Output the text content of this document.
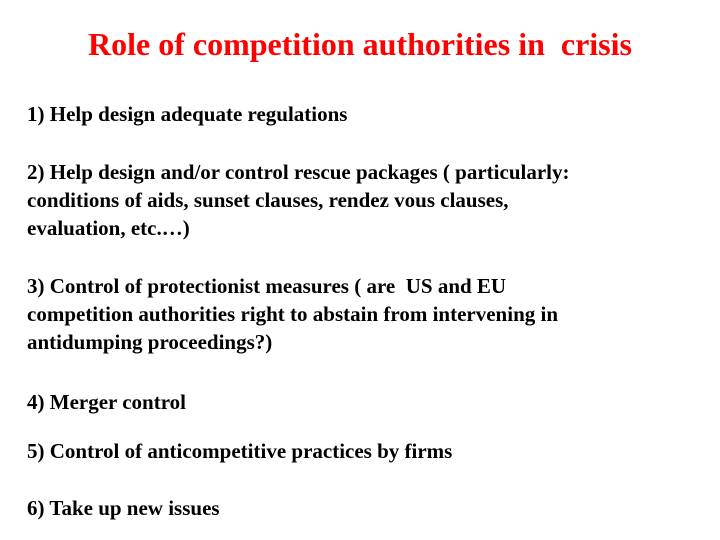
Role of competition authorities in  crisis
1) Help design adequate regulations
2) Help design and/or control rescue packages ( particularly:
conditions of aids, sunset clauses, rendez vous clauses,
evaluation, etc.…)
3) Control of protectionist measures ( are  US and EU
competition authorities right to abstain from intervening in
antidumping proceedings?)
4) Merger control
5) Control of anticompetitive practices by firms
6) Take up new issues
